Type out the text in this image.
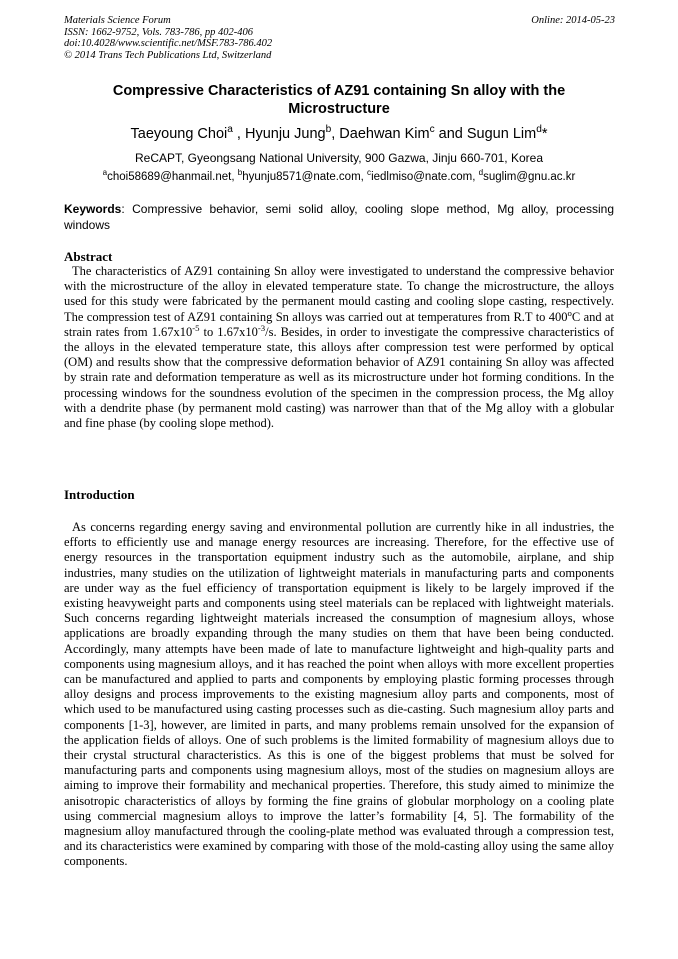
Materials Science Forum
ISSN: 1662-9752, Vols. 783-786, pp 402-406
doi:10.4028/www.scientific.net/MSF.783-786.402
© 2014 Trans Tech Publications Ltd, Switzerland
Online: 2014-05-23
Compressive Characteristics of AZ91 containing Sn alloy with the Microstructure
Taeyoung Choi$^a$ , Hyunju Jung$^b$, Daehwan Kim$^c$ and Sugun Lim$^d$*
ReCAPT, Gyeongsang National University, 900 Gazwa, Jinju 660-701, Korea
$^a$choi58689@hanmail.net, $^b$hyunju8571@nate.com, $^c$iedlmiso@nate.com, $^d$suglim@gnu.ac.kr
Keywords: Compressive behavior, semi solid alloy, cooling slope method, Mg alloy, processing windows
Abstract
The characteristics of AZ91 containing Sn alloy were investigated to understand the compressive behavior with the microstructure of the alloy in elevated temperature state. To change the microstructure, the alloys used for this study were fabricated by the permanent mould casting and cooling slope casting, respectively. The compression test of AZ91 containing Sn alloys was carried out at temperatures from R.T to 400$^o$C and at strain rates from $1.67x10^{-5}$ to $1.67x10^{-3}/s$. Besides, in order to investigate the compressive characteristics of the alloys in the elevated temperature state, this alloys after compression test were performed by optical (OM) and results show that the compressive deformation behavior of AZ91 containing Sn alloy was affected by strain rate and deformation temperature as well as its microstructure under hot forming conditions. In the processing windows for the soundness evolution of the specimen in the compression process, the Mg alloy with a dendrite phase (by permanent mold casting) was narrower than that of the Mg alloy with a globular and fine phase (by cooling slope method).
Introduction
As concerns regarding energy saving and environmental pollution are currently hike in all industries, the efforts to efficiently use and manage energy resources are increasing. Therefore, for the effective use of energy resources in the transportation equipment industry such as the automobile, airplane, and ship industries, many studies on the utilization of lightweight materials in manufacturing parts and components are under way as the fuel efficiency of transportation equipment is likely to be largely improved if the existing heavyweight parts and components using steel materials can be replaced with lightweight materials. Such concerns regarding lightweight materials increased the consumption of magnesium alloys, whose applications are broadly expanding through the many studies on them that have been being conducted. Accordingly, many attempts have been made of late to manufacture lightweight and high-quality parts and components using magnesium alloys, and it has reached the point when alloys with more excellent properties can be manufactured and applied to parts and components by employing plastic forming processes through alloy designs and process improvements to the existing magnesium alloy parts and components, most of which used to be manufactured using casting processes such as die-casting. Such magnesium alloy parts and components [1-3], however, are limited in parts, and many problems remain unsolved for the expansion of the application fields of alloys. One of such problems is the limited formability of magnesium alloys due to their crystal structural characteristics. As this is one of the biggest problems that must be solved for manufacturing parts and components using magnesium alloys, most of the studies on magnesium alloys are aiming to improve their formability and mechanical properties. Therefore, this study aimed to minimize the anisotropic characteristics of alloys by forming the fine grains of globular morphology on a cooling plate using commercial magnesium alloys to improve the latter’s formability [4, 5]. The formability of the magnesium alloy manufactured through the cooling-plate method was evaluated through a compression test, and its characteristics were examined by comparing with those of the mold-casting alloy using the same alloy components.
